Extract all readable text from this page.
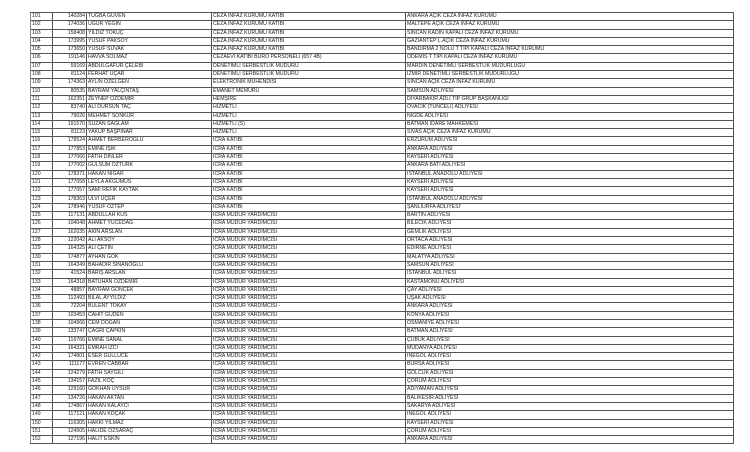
101	140284	TUGBA GUVEN	CEZA INFAZ KURUMU KATIBI	ANKARA AÇIK CEZA INFAZ KURUMU
102	174036	UGUR YEGIN	CEZA INFAZ KURUMU KATIBI	MALTEPE AÇIK CEZA INFAZ KURUMU
103	158408	YILDIZ TOKUÇ	CEZA INFAZ KURUMU KATIBI	SINCAN KADIN KAPALI CEZA INFAZ KURUMU
104	173995	YUSUF PAKSOY	CEZA INFAZ KURUMU KATIBI	GAZIANTEP L.AÇIK CEZA INFAZ KURUMU
105	173650	YUSUF SUVAK	CEZA INFAZ KURUMU KATIBI	BANDIRMA 2 NOLU T TIPI KAPALI CEZA INFAZ KURUMU
106	191146	HAVVA SOLMAZ	CEZAEVI KATIBI BURO PERSONELI (657 4B)	ODEMIS T TIPI KAPALI CEZA INFAZ KURUMU
107	59169	ABDULGAFUR ÇELEBI	DENETIMLI SERBESTLIK MUDURU	MARDIN DENETIMLI SERBESTLIK MUDURLUGU
108	81124	FERHAT UÇAR	DENETIMLI SERBESTLIK MUDURU	IZMIR DENETIMLI SERBESTLIK MUDURLUGU
109	174363	AYLIN OZELGEN	ELEKTRONIK MUHENDISI	SINCAN AÇIK CEZA INFAZ KURUMU
110	80535	BAYRAM YALÇINTAŞ	EMANET MEMURU	SAMSUN ADLIYESI
111	162351	ZEYNEP OZDEMIR	HEMŞIRE	DIYARBAKIR ADLI TIP GRUP BAŞKANLIGI
112	83740	ALI DURSUN TAÇ	HIZMETLI	OVACIK (TUNCELI) ADLIYESI
113	79026	MEHMET SONKUR	HIZMETLI	NIGDE ADLIYESI
114	191570	SUZAN SAGLAM	HIZMETLI (S)	BATMAN IDARE MAHKEMESI
115	81123	YAKUP BAŞPINAR	HIZMETLI	SIVAS AÇIK CEZA INFAZ KURUMU
116	178524	AHMET BERBEROGLU	ICRA KATIBI	ERZURUM ADLIYESI
117	177853	EMINE IŞIK	ICRA KATIBI	ANKARA ADLIYESI
118	177066	FATIH DINLER	ICRA KATIBI	KAYSERI ADLIYESI
119	177002	GULSUM OZTURK	ICRA KATIBI	ANKARA BATI ADLIYESI
120	178371	HAKAN NIGAR	ICRA KATIBI	ISTANBUL ANADOLU ADLIYESI
121	177058	LEYLA AKGUMUS	ICRA KATIBI	KAYSERI ADLIYESI
122	177057	SAMI REFIK KAYTAK	ICRA KATIBI	KAYSERI ADLIYESI
123	178363	ULVI UÇER	ICRA KATIBI	ISTANBUL ANADOLU ADLIYESI
124	178946	YUSUF OZTEP	ICRA KATIBI	ŞANLIURFA ADLIYESI'
125	117131	ABDULLAH KUS	ICRA MUDUR YARDIMCISI	BARTIN ADLIYESI
126	104048	AHMET YUCEDAG	ICRA MUDUR YARDIMCISI	BILECIK ADLIYESI
127	162035	AKIN ARSLAN	ICRA MUDUR YARDIMCISI	GEMLIK ADLIYESI
128	122042	ALI AKSOY	ICRA MUDUR YARDIMCISI	ORTACA ADLIYESI
129	164325	ALI ÇETIN	ICRA MUDUR YARDIMCISI	EDIRNE ADLIYESI
130	174877	AYHAN GOK	ICRA MUDUR YARDIMCISI	MALATYA ADLIYESI
131	164349	BAHADIR SINANOGLU	ICRA MUDUR YARDIMCISI	SAMSUN ADLIYESI
132	41524	BARIŞ ARSLAN	ICRA MUDUR YARDIMCISI	ISTANBUL ADLIYESI
133	164318	BATUHAN OZDEMIR	ICRA MUDUR YARDIMCISI	KASTAMONU ADLIYESI
134	48857	BAYRAM GONCEK	ICRA MUDUR YARDIMCISI	ÇAY ADLIYESI
135	112493	BILAL AYYILDIZ	ICRA MUDUR YARDIMCISI	UŞAK ADLIYESI
136	72204	BULENT TOKAY	ICRA MUDUR YARDIMCISI -	ANKARA ADLIYESI
137	103453	CAHIT GUDEN	ICRA MUDUR YARDIMCISI	KONYA ADLIYESI
138	104966	CEM DOGAN	ICRA MUDUR YARDIMCISI	OSMANIYE ADLIYESI
139	133747	ÇAGRI ÇAPKIN	ICRA MUDUR YARDIMCISI	BATMAN ADLIYESI
140	116766	EMINE SANAL	ICRA MUDUR YARDIMCISI	ÇUBUK ADLIYESI
141	164321	EMRAH IZCI	ICRA MUDUR YARDIMCISI	MUDANYA ADLIYESI
142	174801	ESER GULLUCE	ICRA MUDUR YARDIMCISI	INEGOL ADLIYESI
143	111177	EVREN CABBAR	ICRA MUDUR YARDIMCISI	BURSA ADLIYESI
144	124279	FATIH SAYGILI	ICRA MUDUR YARDIMCISI	GOLCUK ADLIYESI
145	134157	FAZIL KOÇ	ICRA MUDUR YARDIMCISI	ÇORUM ADLIYESI
146	129160	GOKHAN UYSUR	ICRA MUDUR YARDIMCISI	ADIYAMAN ADLIYESI
147	134726	HAKAN AKTAN	ICRA MUDUR YARDIMCISI	BALIKESIR ADLIYESI
148	174867	HAKAN KALAYCI	ICRA MUDUR YARDIMCISI	SAKARYA ADLIYESI
149	117121	HAKAN KOÇAK	ICRA MUDUR YARDIMCISI	INEGOL ADLIYESI
150	116305	HAKKI YILMAZ	ICRA MUDUR YARDIMCISI	KAYSERI ADLIYESI
151	124505	HALIDE OZSARAÇ	ICRA MUDUR YARDIMCISI	ÇORUM ADLIYESI
152	127196	HALIT ESKIN	ICRA MUDUR YARDIMCISI	ANKARA ADLIYESI
